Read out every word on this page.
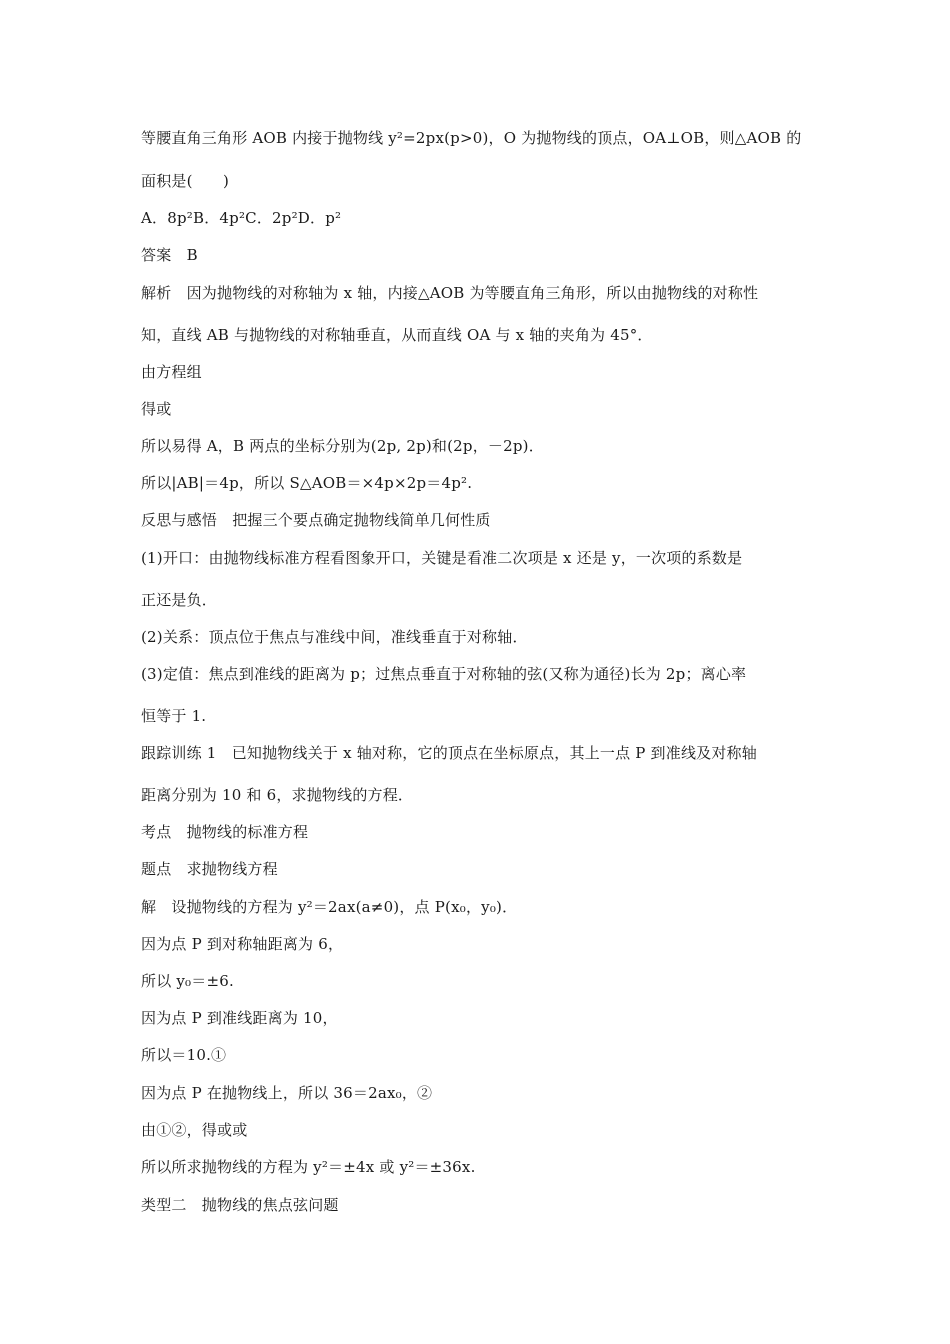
等腰直角三角形 AOB 内接于抛物线 y²=2px(p>0)，O 为抛物线的顶点，OA⊥OB，则△AOB 的
面积是(　　)
A．8p²B．4p²C．2p²D．p²
答案　B
解析　因为抛物线的对称轴为 x 轴，内接△AOB 为等腰直角三角形，所以由抛物线的对称性
知，直线 AB 与抛物线的对称轴垂直，从而直线 OA 与 x 轴的夹角为 45°．
由方程组
得或
所以易得 A，B 两点的坐标分别为(2p, 2p)和(2p，－2p)．
所以|AB|＝4p，所以 S△AOB＝×4p×2p＝4p².
反思与感悟　把握三个要点确定抛物线简单几何性质
(1)开口：由抛物线标准方程看图象开口，关键是看准二次项是 x 还是 y，一次项的系数是
正还是负．
(2)关系：顶点位于焦点与准线中间，准线垂直于对称轴．
(3)定值：焦点到准线的距离为 p；过焦点垂直于对称轴的弦(又称为通径)长为 2p；离心率
恒等于 1.
跟踪训练 1　已知抛物线关于 x 轴对称，它的顶点在坐标原点，其上一点 P 到准线及对称轴
距离分别为 10 和 6，求抛物线的方程．
考点　抛物线的标准方程
题点　求抛物线方程
解　设抛物线的方程为 y²＝2ax(a≠0)，点 P(x₀，y₀)．
因为点 P 到对称轴距离为 6，
所以 y₀＝±6.
因为点 P 到准线距离为 10，
所以＝10.①
因为点 P 在抛物线上，所以 36＝2ax₀，②
由①②，得或或
所以所求抛物线的方程为 y²＝±4x 或 y²＝±36x.
类型二　抛物线的焦点弦问题
